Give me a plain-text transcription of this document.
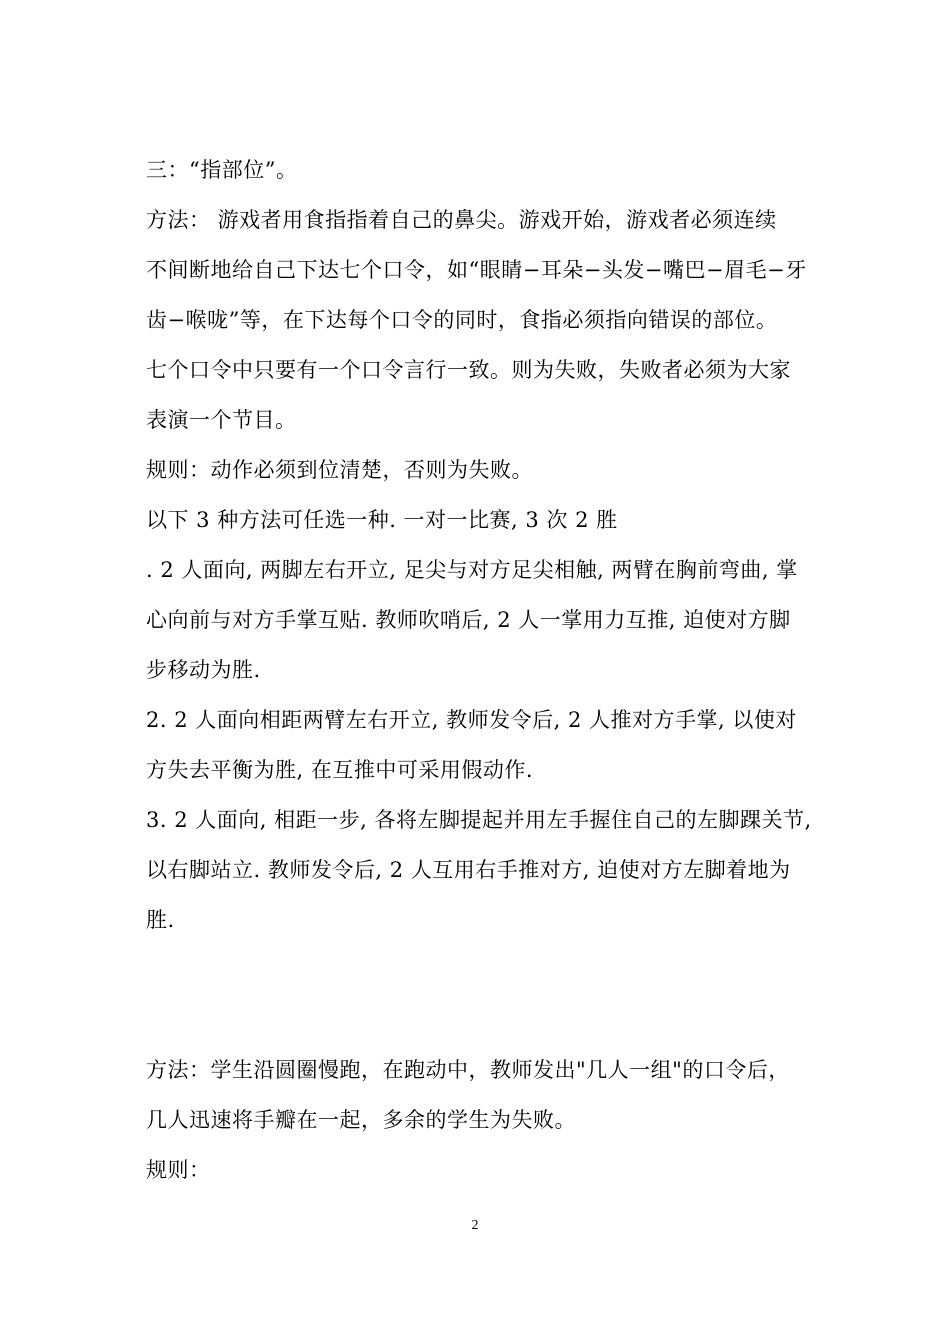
三：“指部位”。
方法： 游戏者用食指指着自己的鼻尖。游戏开始，游戏者必须连续
不间断地给自己下达七个口令，如“眼睛−耳朵−头发−嘴巴−眉毛−牙
齿−喉咙”等，在下达每个口令的同时，食指必须指向错误的部位。
七个口令中只要有一个口令言行一致。则为失败，失败者必须为大家
表演一个节目。
规则：动作必须到位清楚，否则为失败。
以下 3 种方法可任选一种. 一对一比赛, 3 次 2 胜
. 2 人面向, 两脚左右开立, 足尖与对方足尖相触, 两臂在胸前弯曲, 掌
心向前与对方手掌互贴. 教师吹哨后, 2 人一掌用力互推, 迫使对方脚
步移动为胜.
2. 2 人面向相距两臂左右开立, 教师发令后, 2 人推对方手掌, 以使对
方失去平衡为胜, 在互推中可采用假动作.
3. 2 人面向, 相距一步, 各将左脚提起并用左手握住自己的左脚踝关节,
以右脚站立. 教师发令后, 2 人互用右手推对方, 迫使对方左脚着地为
胜.
方法：学生沿圆圈慢跑，在跑动中，教师发出"几人一组"的口令后，
几人迅速将手瓣在一起，多余的学生为失败。
规则：
2
